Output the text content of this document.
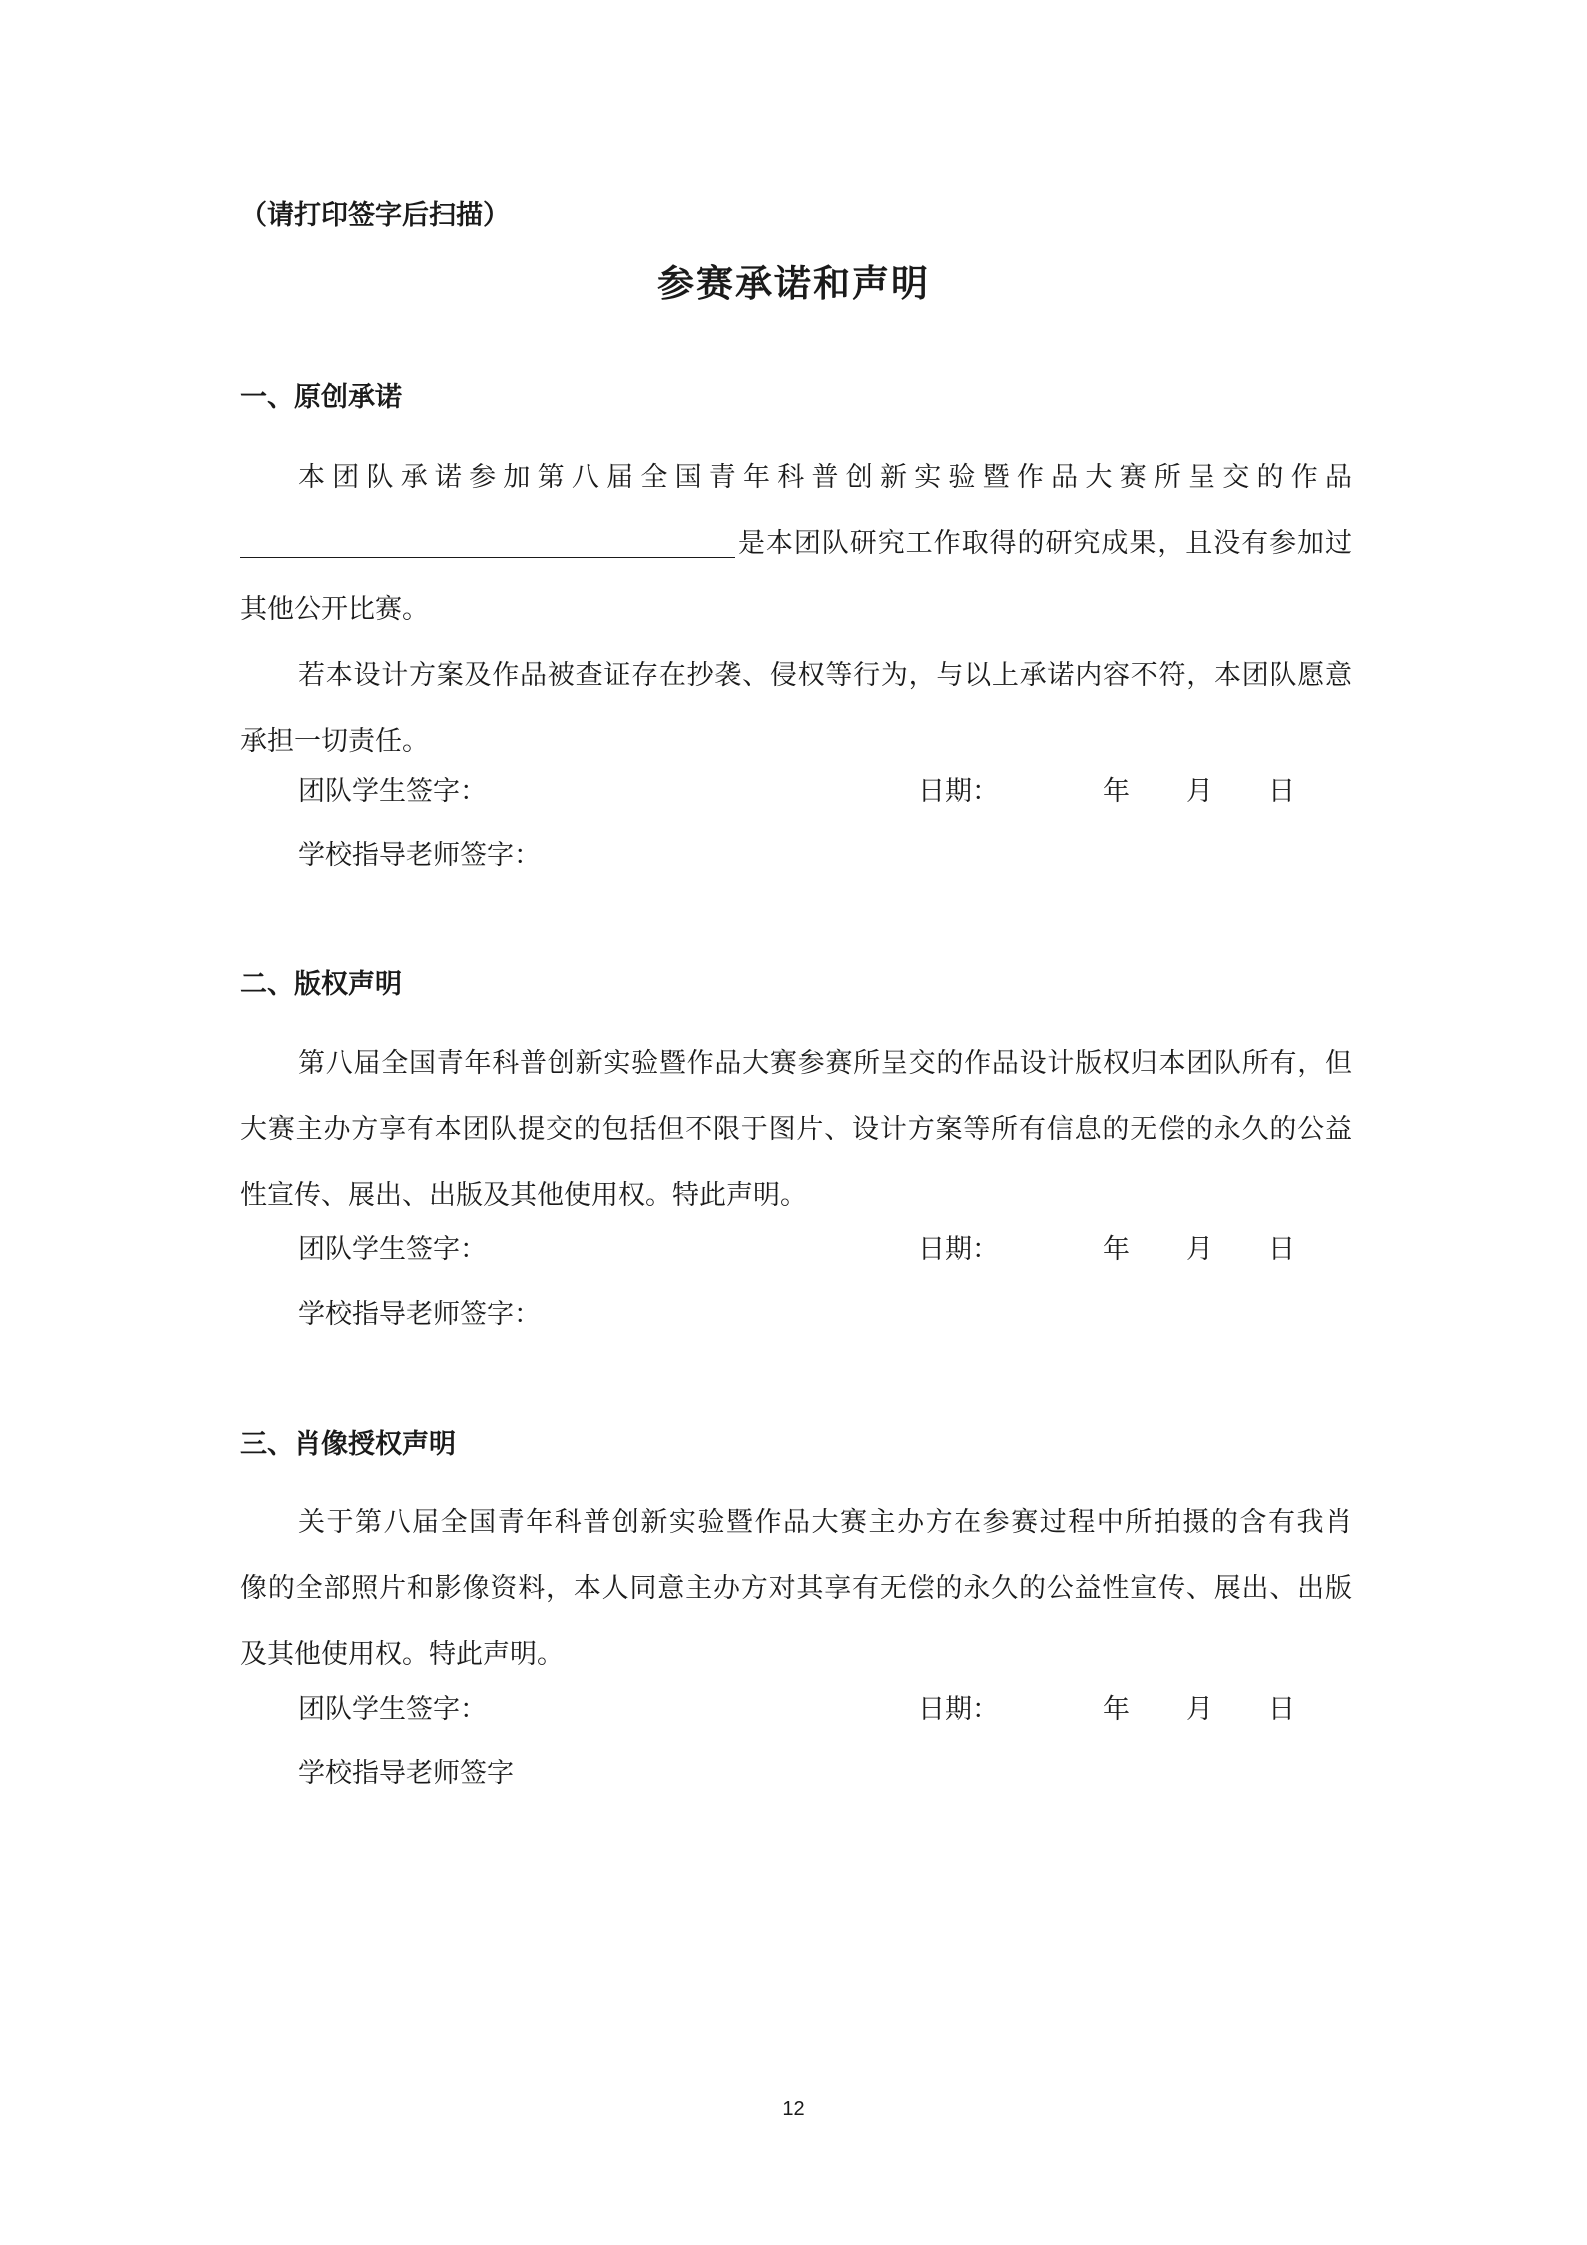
（请打印签字后扫描）
参赛承诺和声明
一、原创承诺
本团队承诺参加第八届全国青年科普创新实验暨作品大赛所呈交的作品
是本团队研究工作取得的研究成果，且没有参加过
其他公开比赛。
若本设计方案及作品被查证存在抄袭、侵权等行为，与以上承诺内容不符，本团队愿意
承担一切责任。
团队学生签字：	日期：	年 月 日
学校指导老师签字：
二、版权声明
第八届全国青年科普创新实验暨作品大赛参赛所呈交的作品设计版权归本团队所有，但
大赛主办方享有本团队提交的包括但不限于图片、设计方案等所有信息的无偿的永久的公益
性宣传、展出、出版及其他使用权。特此声明。
团队学生签字：	日期：	年 月 日
学校指导老师签字：
三、肖像授权声明
关于第八届全国青年科普创新实验暨作品大赛主办方在参赛过程中所拍摄的含有我肖
像的全部照片和影像资料，本人同意主办方对其享有无偿的永久的公益性宣传、展出、出版
及其他使用权。特此声明。
团队学生签字：	日期：	年 月 日
学校指导老师签字
12
